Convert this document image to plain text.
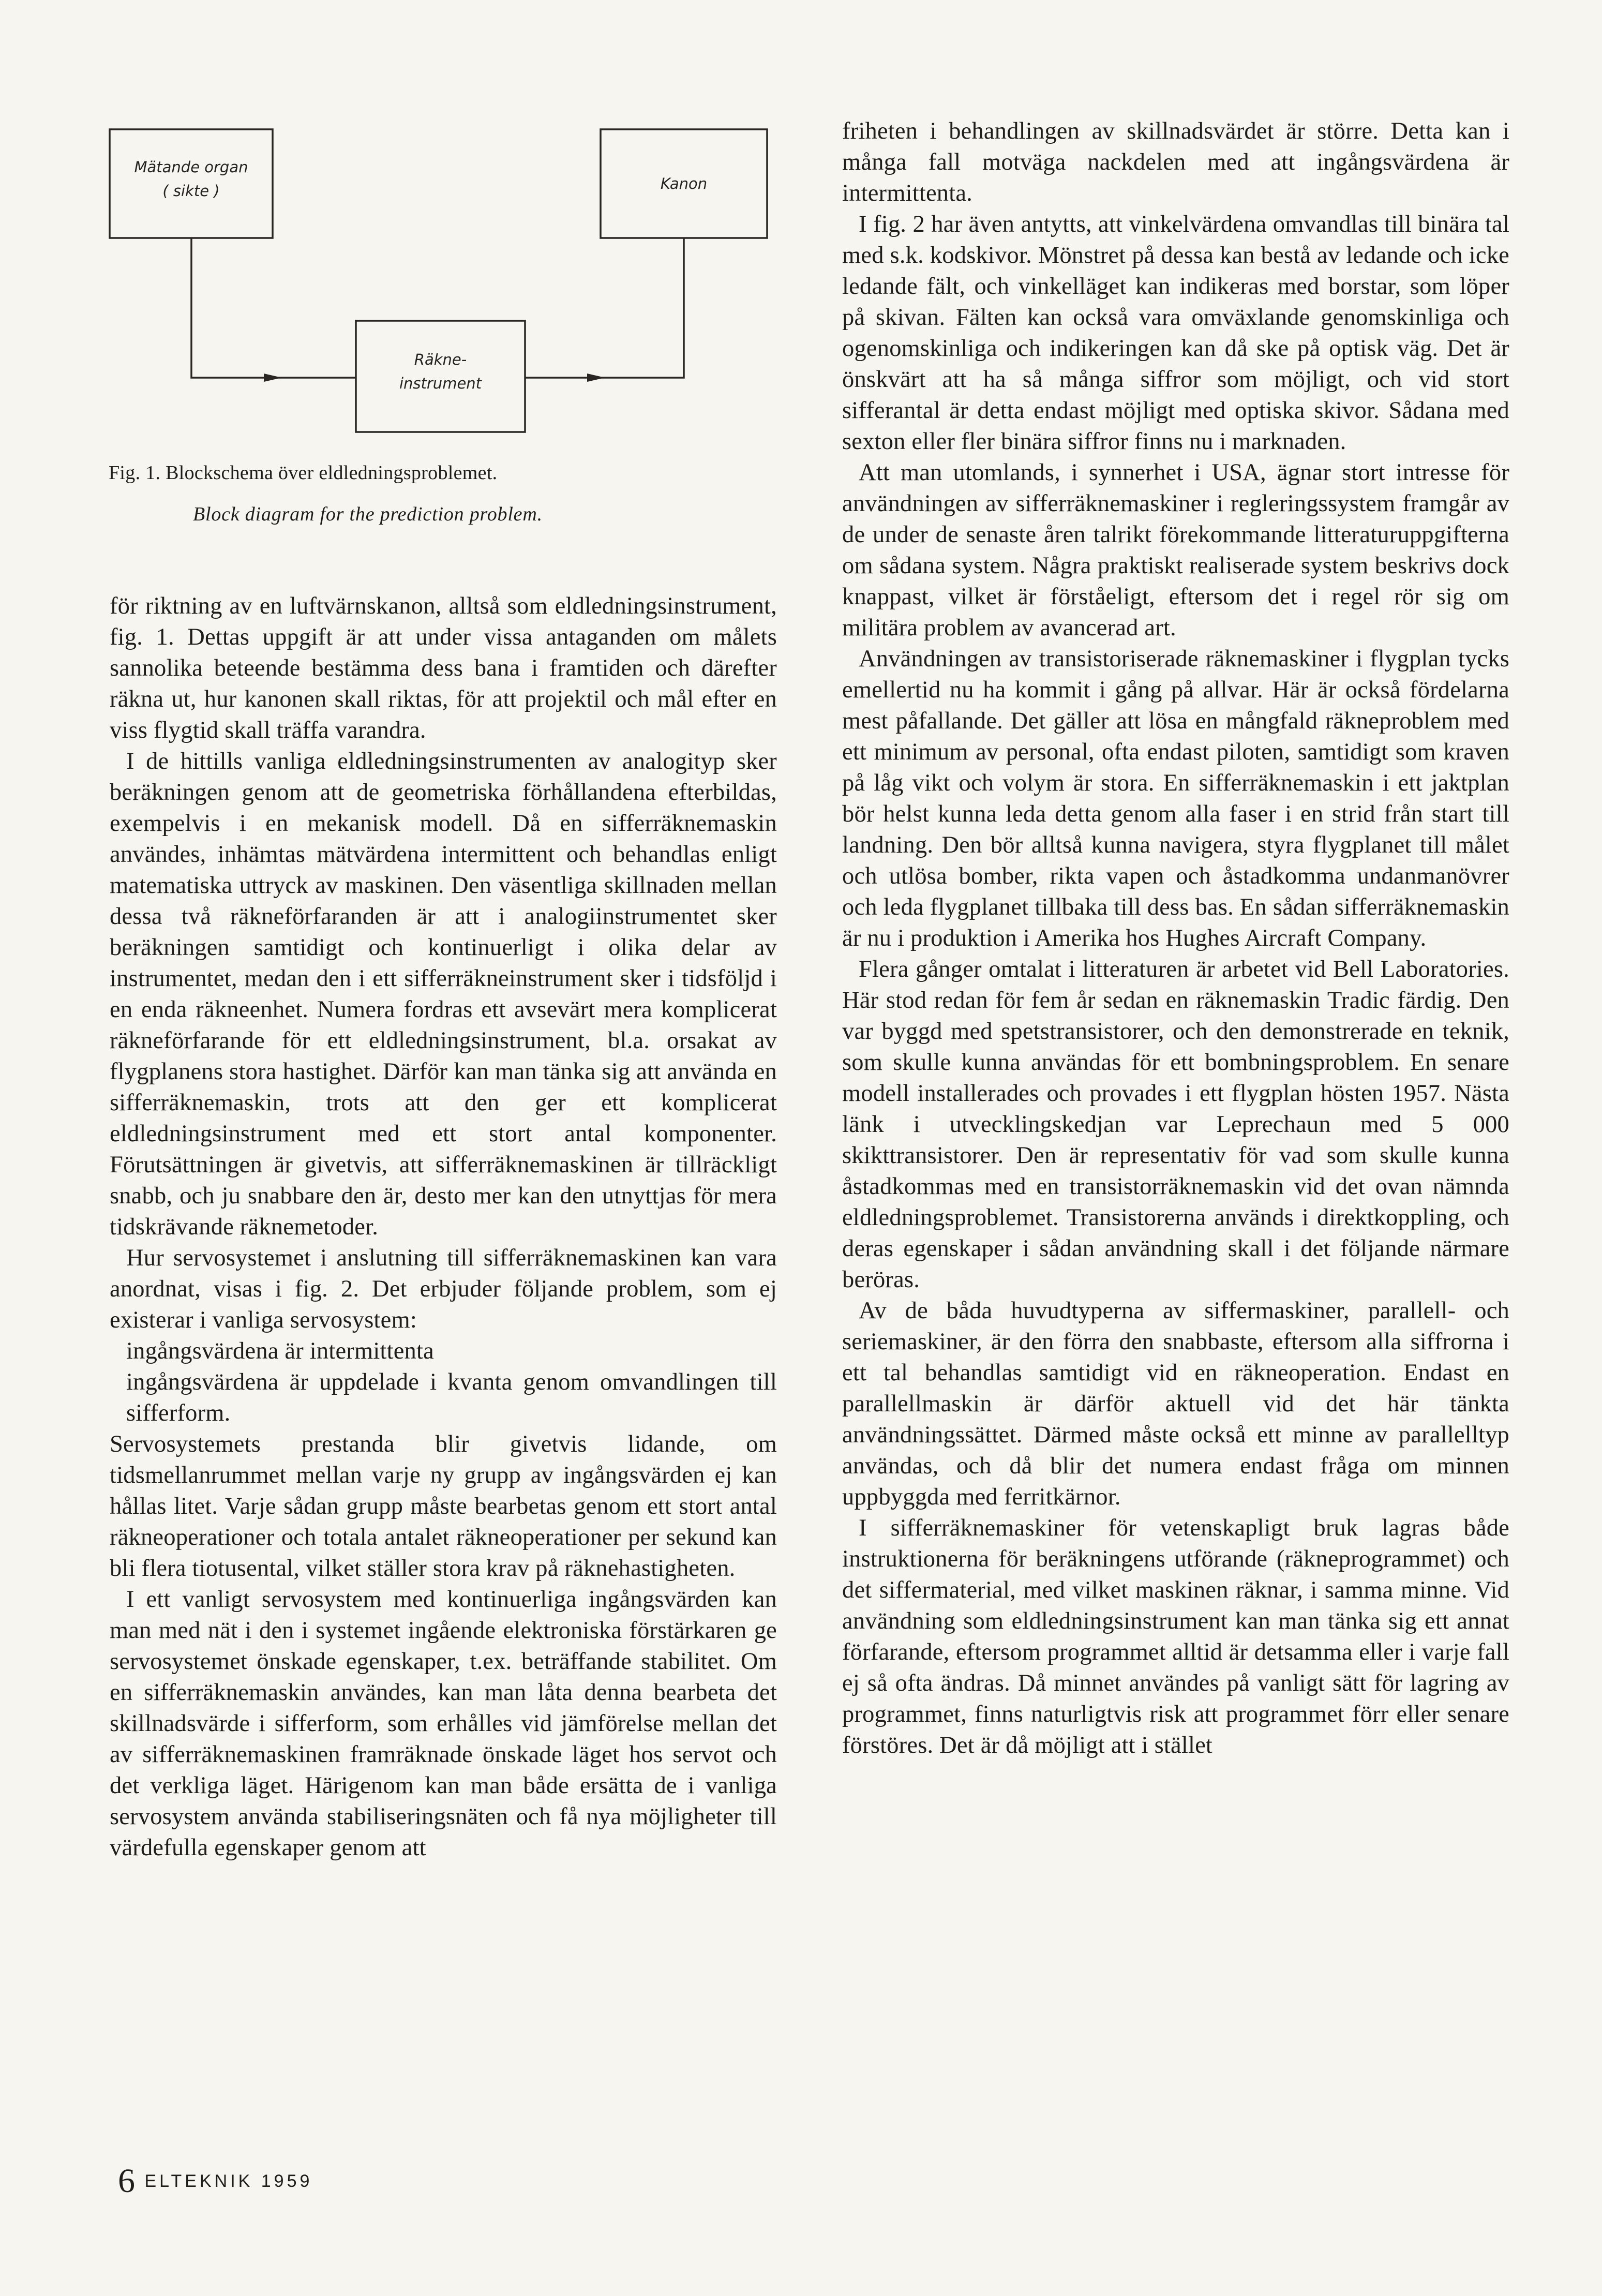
Mätande organ
( sikte )	Kanon
Räkne-
instrument
Fig. 1. Blockschema över eldledningsproblemet.
Block diagram for the prediction problem.

för riktning av en luftvärnskanon, alltså som eldledningsinstrument, fig. 1. Dettas uppgift är att under vissa antaganden om målets sannolika beteende bestämma dess bana i framtiden och därefter räkna ut, hur kanonen skall riktas, för att projektil och mål efter en viss flygtid skall träffa varandra.

I de hittills vanliga eldledningsinstrumenten av analogityp sker beräkningen genom att de geometriska förhållandena efterbildas, exempelvis i en mekanisk modell. Då en sifferräknemaskin användes, inhämtas mätvärdena intermittent och behandlas enligt matematiska uttryck av maskinen. Den väsentliga skillnaden mellan dessa två räkneförfaranden är att i analogiinstrumentet sker beräkningen samtidigt och kontinuerligt i olika delar av instrumentet, medan den i ett sifferräkneinstrument sker i tidsföljd i en enda räkneenhet. Numera fordras ett avsevärt mera komplicerat räkneförfarande för ett eldledningsinstrument, bl.a. orsakat av flygplanens stora hastighet. Därför kan man tänka sig att använda en sifferräknemaskin, trots att den ger ett komplicerat eldledningsinstrument med ett stort antal komponenter. Förutsättningen är givetvis, att sifferräknemaskinen är tillräckligt snabb, och ju snabbare den är, desto mer kan den utnyttjas för mera tidskrävande räknemetoder.

Hur servosystemet i anslutning till sifferräknemaskinen kan vara anordnat, visas i fig. 2. Det erbjuder följande problem, som ej existerar i vanliga servosystem:

ingångsvärdena är intermittenta

ingångsvärdena är uppdelade i kvanta genom omvandlingen till sifferform.

Servosystemets prestanda blir givetvis lidande, om tidsmellanrummet mellan varje ny grupp av ingångsvärden ej kan hållas litet. Varje sådan grupp måste bearbetas genom ett stort antal räkneoperationer och totala antalet räkneoperationer per sekund kan bli flera tiotusental, vilket ställer stora krav på räknehastigheten.

I ett vanligt servosystem med kontinuerliga ingångsvärden kan man med nät i den i systemet ingående elektroniska förstärkaren ge servosystemet önskade egenskaper, t.ex. beträffande stabilitet. Om en sifferräknemaskin användes, kan man låta denna bearbeta det skillnadsvärde i sifferform, som erhålles vid jämförelse mellan det av sifferräknemaskinen framräknade önskade läget hos servot och det verkliga läget. Härigenom kan man både ersätta de i vanliga servosystem använda stabiliseringsnäten och få nya möjligheter till värdefulla egenskaper genom att

friheten i behandlingen av skillnadsvärdet är större. Detta kan i många fall motväga nackdelen med att ingångsvärdena är intermittenta.

I fig. 2 har även antytts, att vinkelvärdena omvandlas till binära tal med s.k. kodskivor. Mönstret på dessa kan bestå av ledande och icke ledande fält, och vinkelläget kan indikeras med borstar, som löper på skivan. Fälten kan också vara omväxlande genomskinliga och ogenomskinliga och indikeringen kan då ske på optisk väg. Det är önskvärt att ha så många siffror som möjligt, och vid stort sifferantal är detta endast möjligt med optiska skivor. Sådana med sexton eller fler binära siffror finns nu i marknaden.

Att man utomlands, i synnerhet i USA, ägnar stort intresse för användningen av sifferräknemaskiner i regleringssystem framgår av de under de senaste åren talrikt förekommande litteraturuppgifterna om sådana system. Några praktiskt realiserade system beskrivs dock knappast, vilket är förståeligt, eftersom det i regel rör sig om militära problem av avancerad art.

Användningen av transistoriserade räknemaskiner i flygplan tycks emellertid nu ha kommit i gång på allvar. Här är också fördelarna mest påfallande. Det gäller att lösa en mångfald räkneproblem med ett minimum av personal, ofta endast piloten, samtidigt som kraven på låg vikt och volym är stora. En sifferräknemaskin i ett jaktplan bör helst kunna leda detta genom alla faser i en strid från start till landning. Den bör alltså kunna navigera, styra flygplanet till målet och utlösa bomber, rikta vapen och åstadkomma undanmanövrer och leda flygplanet tillbaka till dess bas. En sådan sifferräknemaskin är nu i produktion i Amerika hos Hughes Aircraft Company.

Flera gånger omtalat i litteraturen är arbetet vid Bell Laboratories. Här stod redan för fem år sedan en räknemaskin Tradic färdig. Den var byggd med spetstransistorer, och den demonstrerade en teknik, som skulle kunna användas för ett bombningsproblem. En senare modell installerades och provades i ett flygplan hösten 1957. Nästa länk i utvecklingskedjan var Leprechaun med 5 000 skikttransistorer. Den är representativ för vad som skulle kunna åstadkommas med en transistorräknemaskin vid det ovan nämnda eldledningsproblemet. Transistorerna används i direktkoppling, och deras egenskaper i sådan användning skall i det följande närmare beröras.

Av de båda huvudtyperna av siffermaskiner, parallell- och seriemaskiner, är den förra den snabbaste, eftersom alla siffrorna i ett tal behandlas samtidigt vid en räkneoperation. Endast en parallellmaskin är därför aktuell vid det här tänkta användningssättet. Därmed måste också ett minne av parallelltyp användas, och då blir det numera endast fråga om minnen uppbyggda med ferritkärnor.

I sifferräknemaskiner för vetenskapligt bruk lagras både instruktionerna för beräkningens utförande (räkneprogrammet) och det siffermaterial, med vilket maskinen räknar, i samma minne. Vid användning som eldledningsinstrument kan man tänka sig ett annat förfarande, eftersom programmet alltid är detsamma eller i varje fall ej så ofta ändras. Då minnet användes på vanligt sätt för lagring av programmet, finns naturligtvis risk att programmet förr eller senare förstöres. Det är då möjligt att i stället

6 ELTEKNIK 1959
